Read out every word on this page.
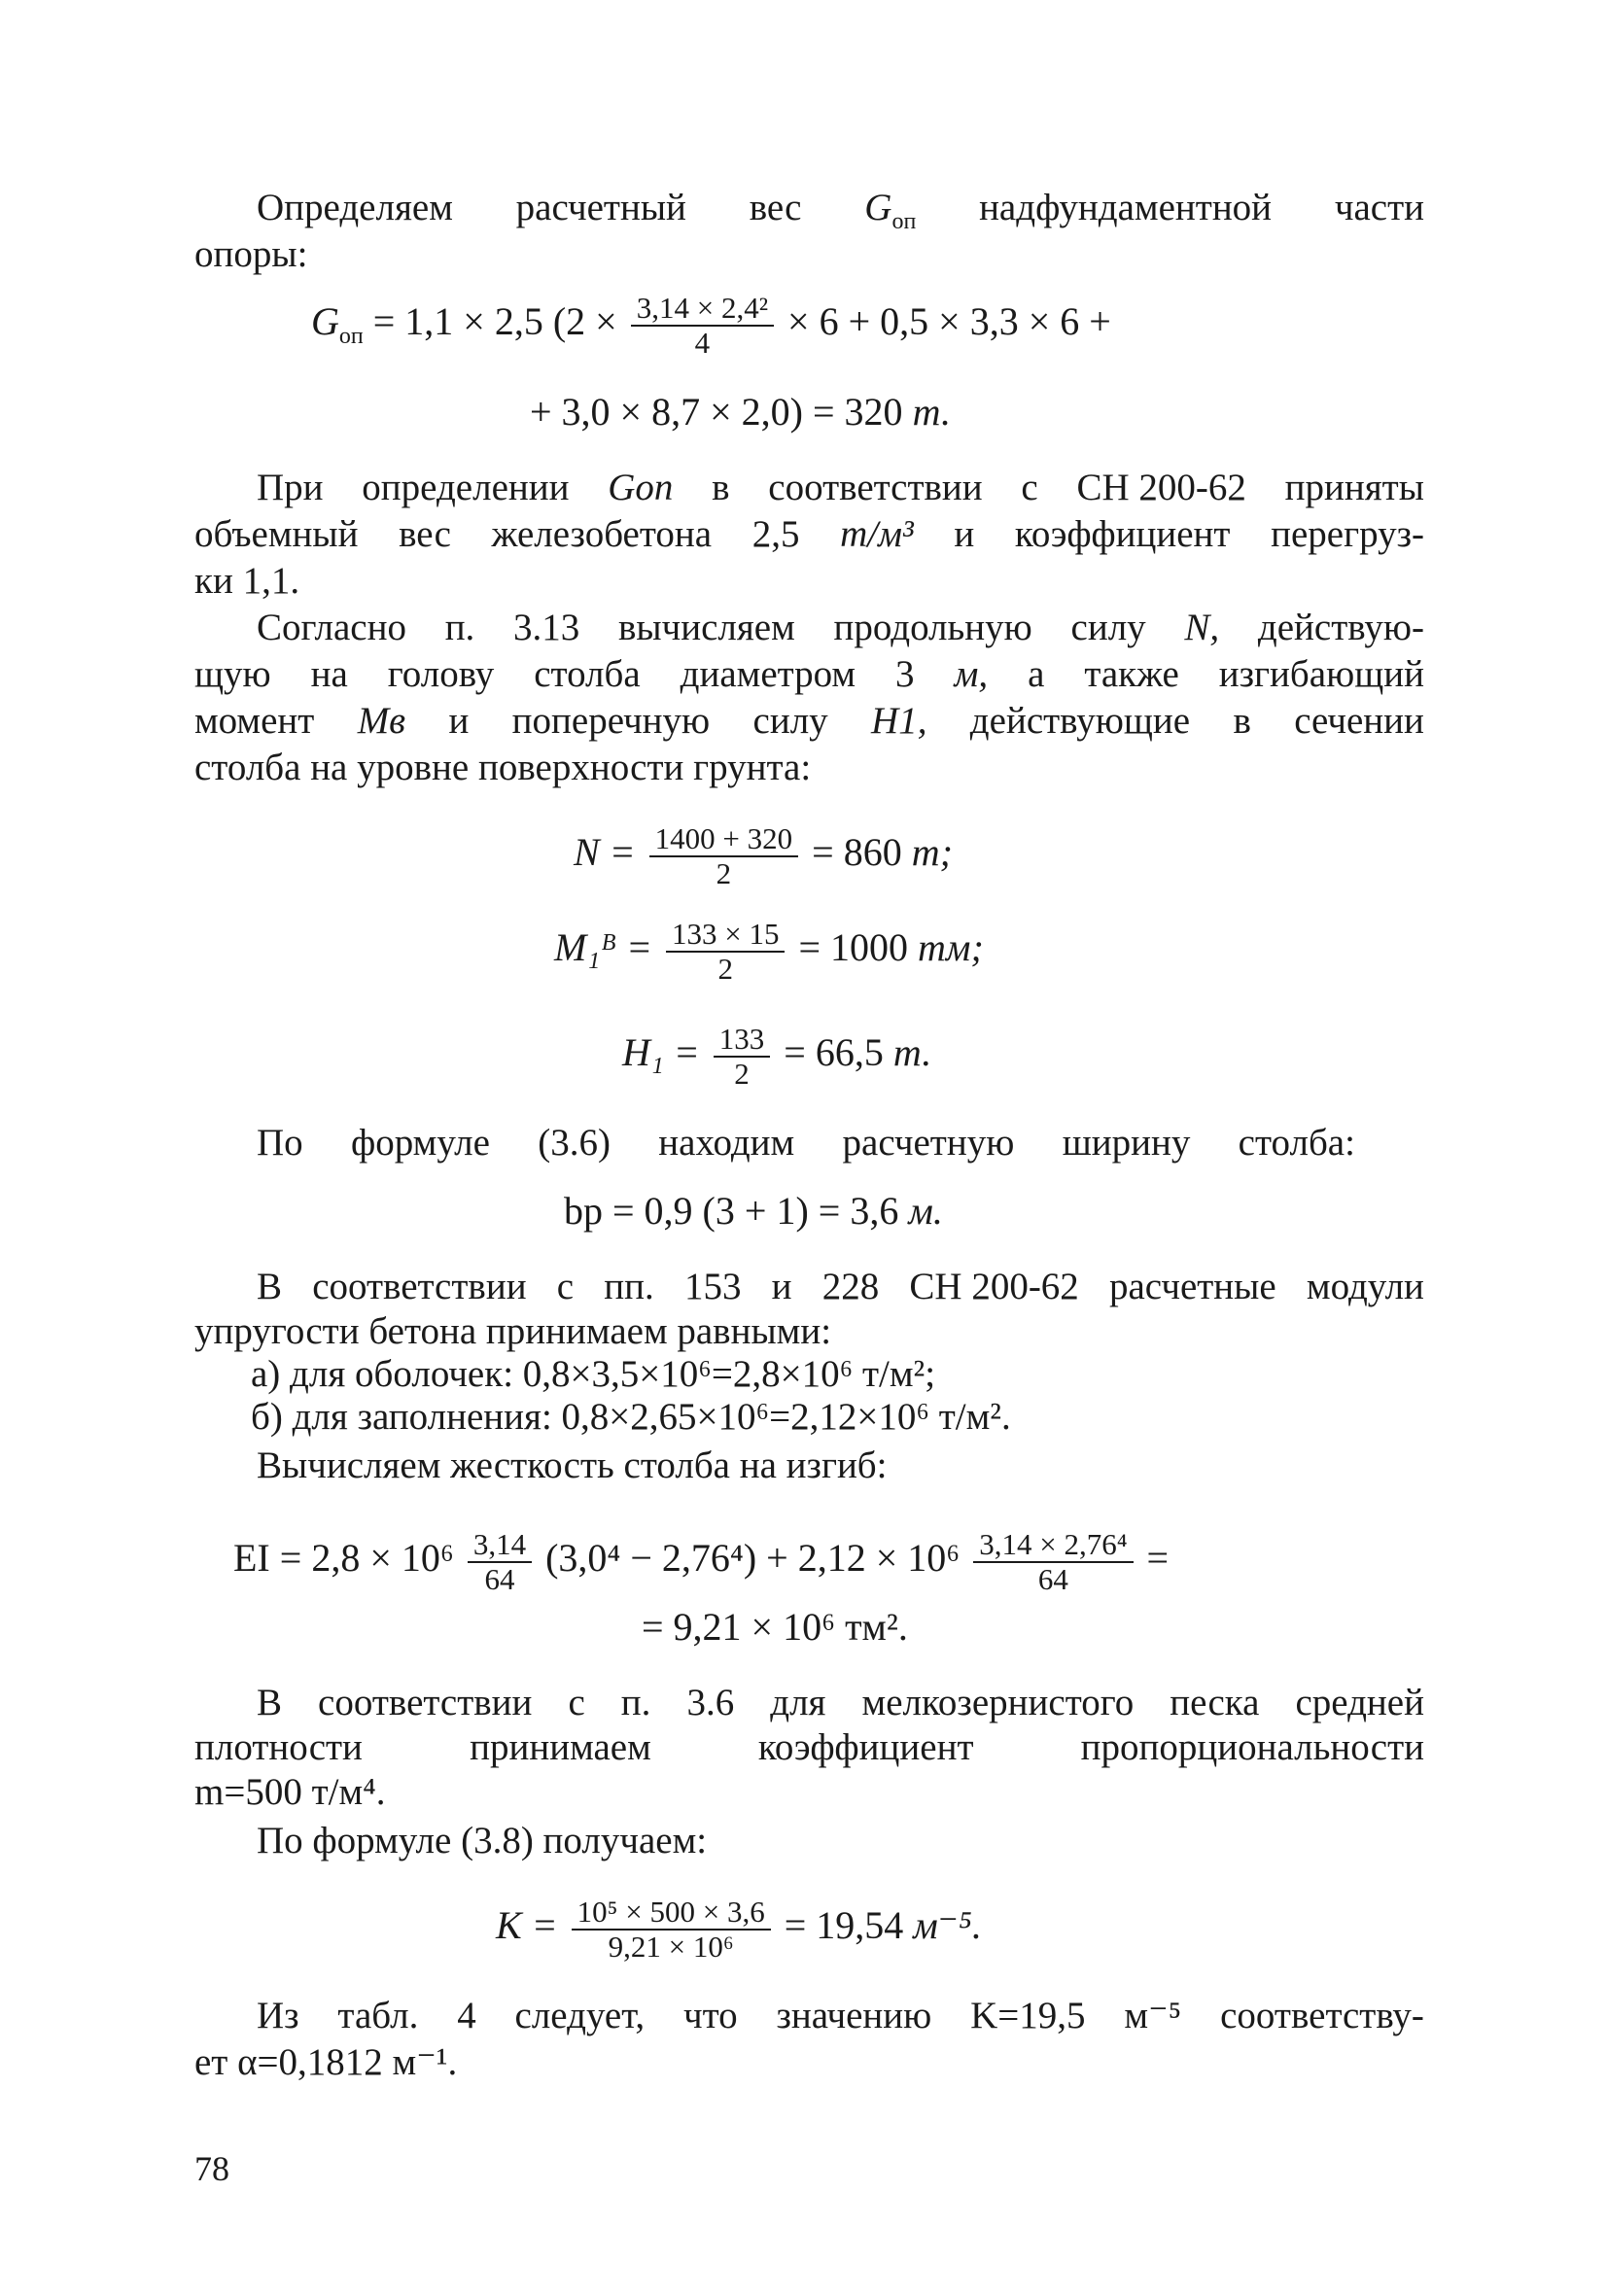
Определяем расчетный вес $G_{оп}$ надфундаментной части
опоры:
$G_{оп} = 1,1 \times 2,5$ ($2 \times \frac{\text{3,14 × 2,4²}}{4} \times 6 + 0,5 \times 3,3 \times 6$ +
+ 3,0 × 8,7 × 2,0) = 320 т.
При определении Gоп в соответствии с СН 200-62 приняты
объемный вес железобетона 2,5 т/м³ и коэффициент перегруз-
ки 1,1.
Согласно п. 3.13 вычисляем продольную силу N, действую-
щую на голову столба диаметром 3 м, а также изгибающий
момент Мв и поперечную силу H1, действующие в сечении
столба на уровне поверхности грунта:
$N = \frac{1400 + 320}{2} = 860$ т;
M₁ᴮ = $\frac{133 \times 15}{2} = 1000$ тм;
$H_1 = \frac{133}{2} = 66,5$ т.
По формуле (3.6) находим расчетную ширину столба:
bр = 0,9 (3 + 1) = 3,6 м.
В соответствии с пп. 153 и 228 СН 200-62 расчетные модули
упругости бетона принимаем равными:
а) для оболочек: 0,8×3,5×10⁶=2,8×10⁶ т/м²;
б) для заполнения: 0,8×2,65×10⁶=2,12×10⁶ т/м².
Вычисляем жесткость столба на изгиб:
EI = $2,8 \times 10^6 \frac{3,14}{64} (3,0^4 - 2,76^4) + 2,12 \times 10^6 \frac{\text{3,14 × 2,76⁴}}{64}$ =
= 9,21 × 10⁶ тм².
В соответствии с п. 3.6 для мелкозернистого песка средней
плотности	принимаем	коэффициент	пропорциональности
m=500 т/м⁴.
По формуле (3.8) получаем:
$K = \frac{\text{10⁵ × 500 × 3,6}}{\text{9,21 × 10⁶}} = 19,54$ м⁻⁵.
Из табл. 4 следует, что значению K=19,5 м⁻⁵ соответству-
ет α=0,1812 м⁻¹.
78
